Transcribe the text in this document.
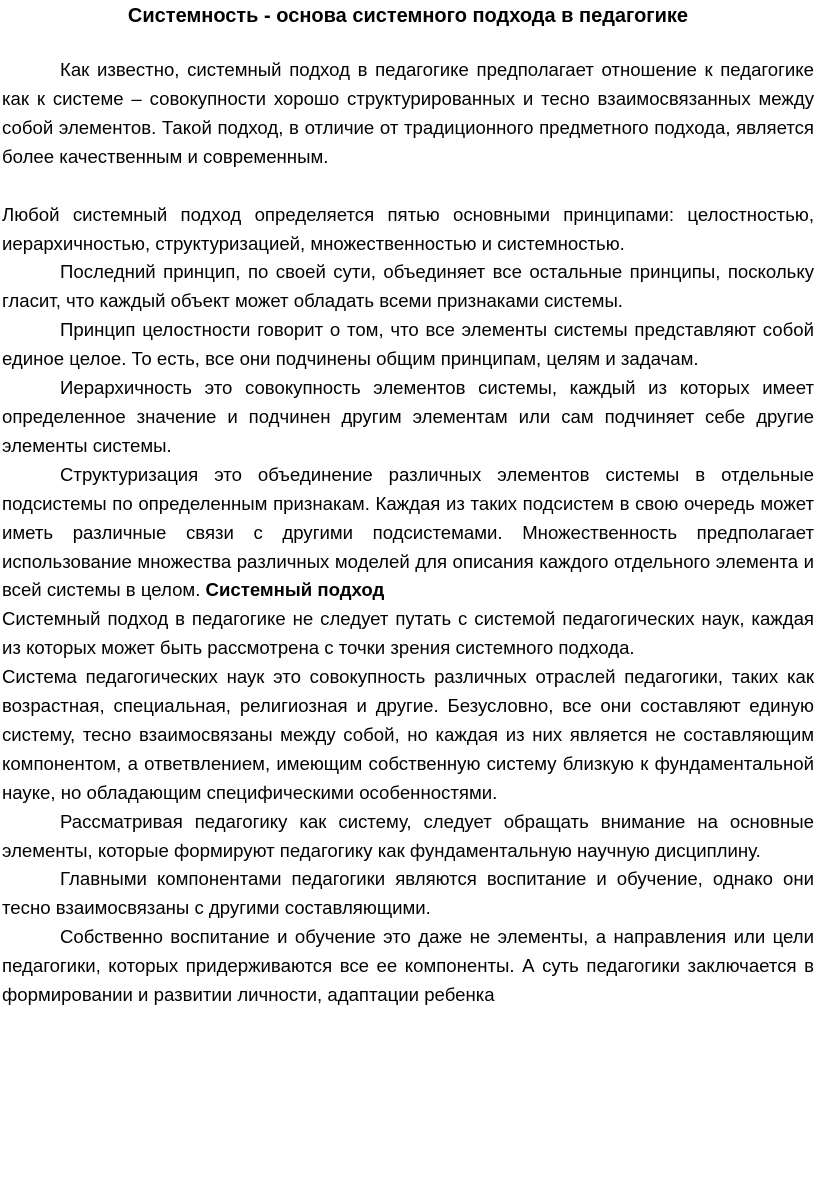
Системность - основа системного подхода в педагогике

Как известно, системный подход в педагогике предполагает отношение к педагогике как к системе – совокупности хорошо структурированных и тесно взаимосвязанных между собой элементов. Такой подход, в отличие от традиционного предметного подхода, является более качественным и современным.

Любой системный подход определяется пятью основными принципами: целостностью, иерархичностью, структуризацией, множественностью и системностью.

Последний принцип, по своей сути, объединяет все остальные принципы, поскольку гласит, что каждый объект может обладать всеми признаками системы.

Принцип целостности говорит о том, что все элементы системы представляют собой единое целое. То есть, все они подчинены общим принципам, целям и задачам.

Иерархичность это совокупность элементов системы, каждый из которых имеет определенное значение и подчинен другим элементам или сам подчиняет себе другие элементы системы.

Структуризация это объединение различных элементов системы в отдельные подсистемы по определенным признакам. Каждая из таких подсистем в свою очередь может иметь различные связи с другими подсистемами. Множественность предполагает использование множества различных моделей для описания каждого отдельного элемента и всей системы в целом. Системный подход

Системный подход в педагогике не следует путать с системой педагогических наук, каждая из которых может быть рассмотрена с точки зрения системного подхода.

Система педагогических наук это совокупность различных отраслей педагогики, таких как возрастная, специальная, религиозная и другие. Безусловно, все они составляют единую систему, тесно взаимосвязаны между собой, но каждая из них является не составляющим компонентом, а ответвлением, имеющим собственную систему близкую к фундаментальной науке, но обладающим специфическими особенностями.

Рассматривая педагогику как систему, следует обращать внимание на основные элементы, которые формируют педагогику как фундаментальную научную дисциплину.

Главными компонентами педагогики являются воспитание и обучение, однако они тесно взаимосвязаны с другими составляющими.

Собственно воспитание и обучение это даже не элементы, а направления или цели педагогики, которых придерживаются все ее компоненты. А суть педагогики заключается в формировании и развитии личности, адаптации ребенка
